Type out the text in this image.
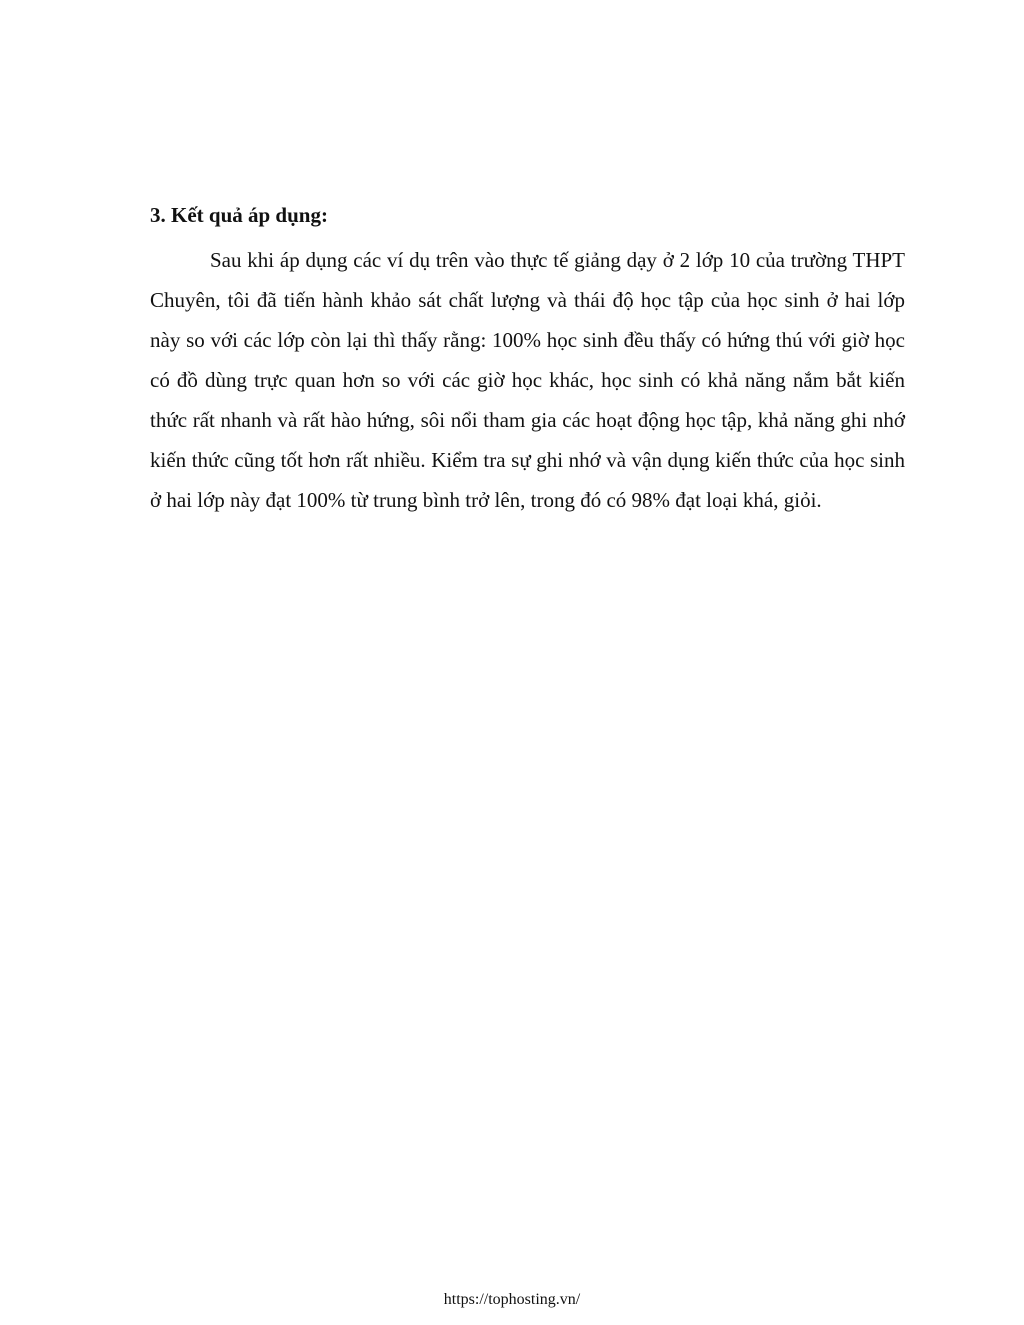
3. Kết quả áp dụng:

Sau khi áp dụng các ví dụ trên vào thực tế giảng dạy ở 2 lớp 10 của trường THPT Chuyên, tôi đã tiến hành khảo sát chất lượng và thái độ học tập của học sinh ở hai lớp này so với các lớp còn lại thì thấy rằng: 100% học sinh đều thấy có hứng thú với giờ học có đồ dùng trực quan hơn so với các giờ học khác, học sinh có khả năng nắm bắt kiến thức rất nhanh và rất hào hứng, sôi nổi tham gia các hoạt động học tập, khả năng ghi nhớ kiến thức cũng tốt hơn rất nhiều. Kiểm tra sự ghi nhớ và vận dụng kiến thức của học sinh ở hai lớp này đạt 100% từ trung bình trở lên, trong đó có 98% đạt loại khá, giỏi.

https://tophosting.vn/
